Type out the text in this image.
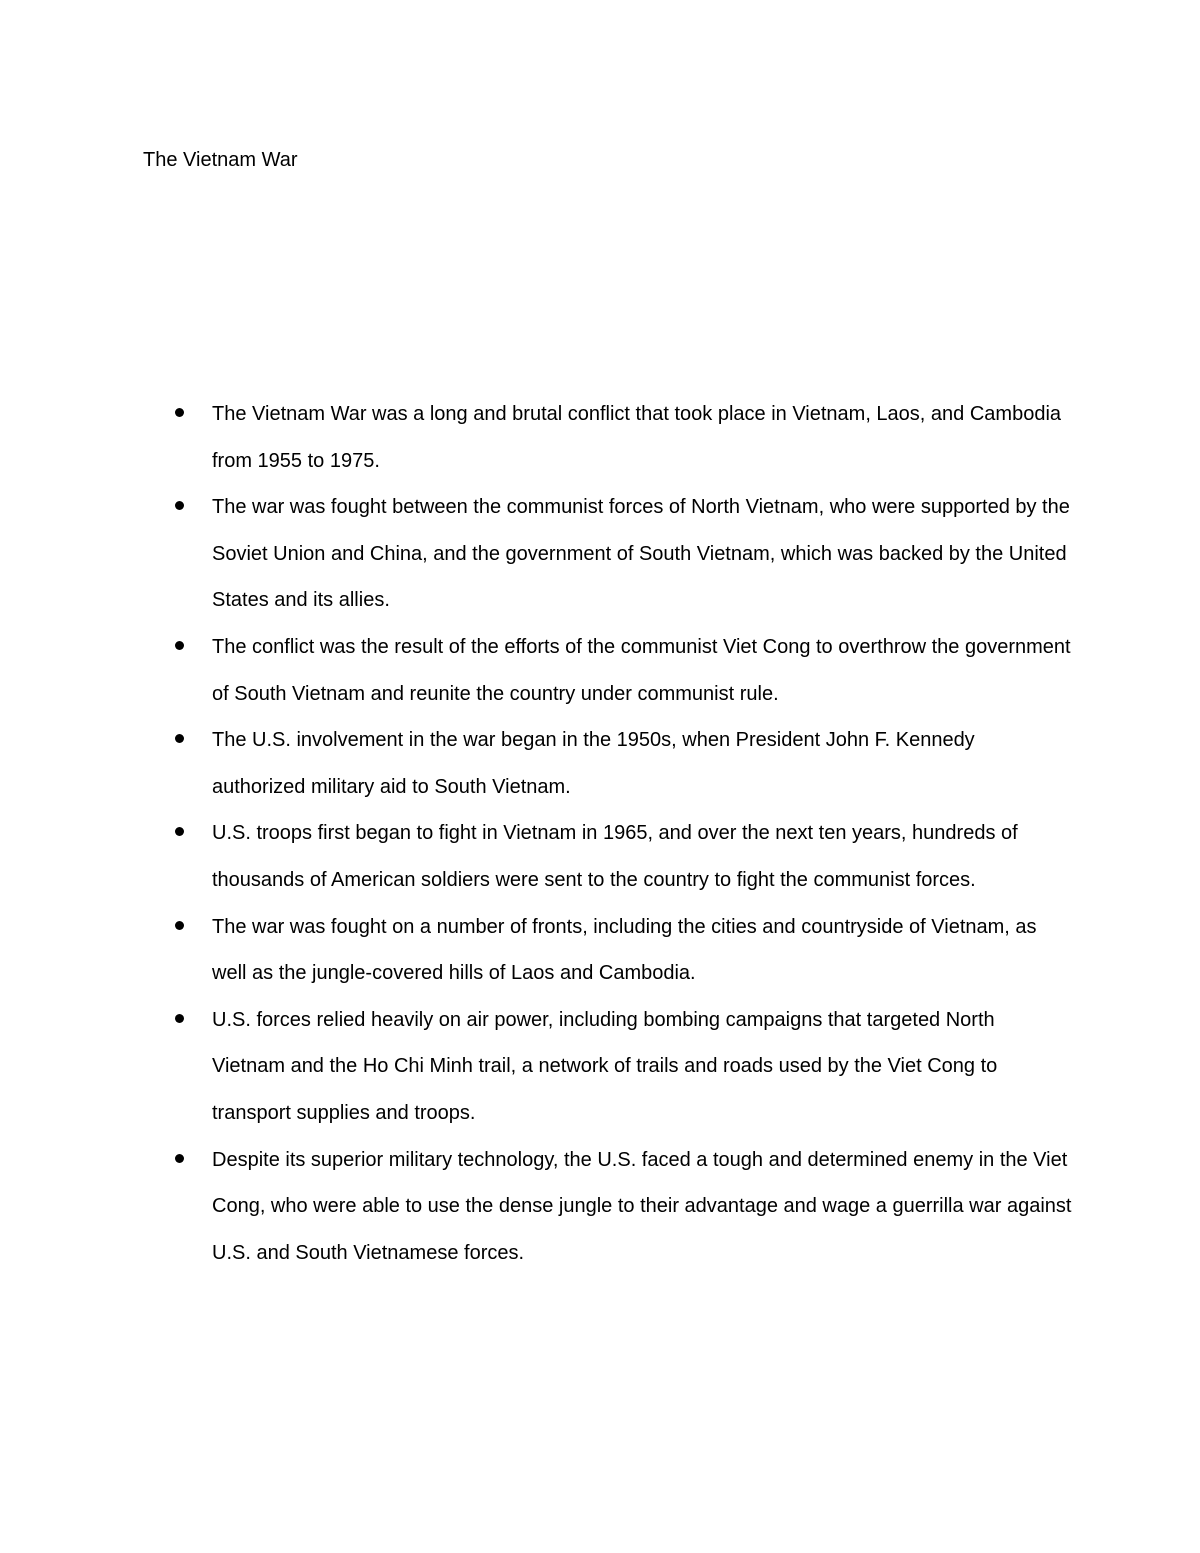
The Vietnam War
The Vietnam War was a long and brutal conflict that took place in Vietnam, Laos, and Cambodia from 1955 to 1975.
The war was fought between the communist forces of North Vietnam, who were supported by the Soviet Union and China, and the government of South Vietnam, which was backed by the United States and its allies.
The conflict was the result of the efforts of the communist Viet Cong to overthrow the government of South Vietnam and reunite the country under communist rule.
The U.S. involvement in the war began in the 1950s, when President John F. Kennedy authorized military aid to South Vietnam.
U.S. troops first began to fight in Vietnam in 1965, and over the next ten years, hundreds of thousands of American soldiers were sent to the country to fight the communist forces.
The war was fought on a number of fronts, including the cities and countryside of Vietnam, as well as the jungle-covered hills of Laos and Cambodia.
U.S. forces relied heavily on air power, including bombing campaigns that targeted North Vietnam and the Ho Chi Minh trail, a network of trails and roads used by the Viet Cong to transport supplies and troops.
Despite its superior military technology, the U.S. faced a tough and determined enemy in the Viet Cong, who were able to use the dense jungle to their advantage and wage a guerrilla war against U.S. and South Vietnamese forces.
